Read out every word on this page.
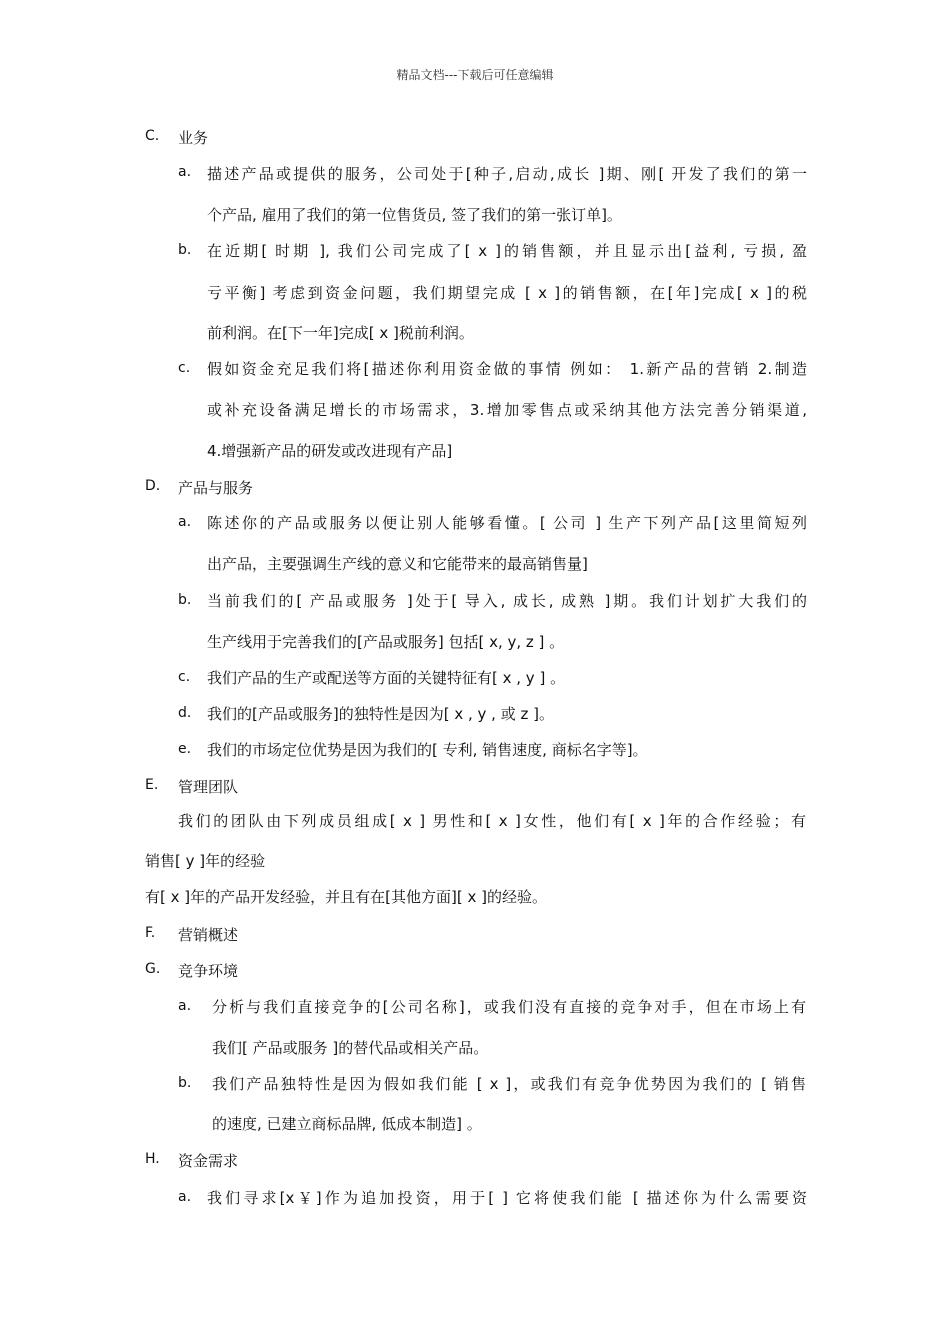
精品文档---下载后可任意编辑
C. 业务
a. 描述产品或提供的服务，公司处于[种子,启动,成长 ]期、刚[ 开发了我们的第一
个产品, 雇用了我们的第一位售货员, 签了我们的第一张订单]。
b. 在近期[ 时期 ], 我们公司完成了[ x ]的销售额，并且显示出[益利, 亏损, 盈
亏平衡] 考虑到资金问题，我们期望完成 [ x ]的销售额，在[年]完成[ x ]的税
前利润。在[下一年]完成[ x ]税前利润。
c. 假如资金充足我们将[描述你利用资金做的事情 例如： 1.新产品的营销 2.制造
或补充设备满足增长的市场需求，3.增加零售点或采纳其他方法完善分销渠道,
4.增强新产品的研发或改进现有产品]
D. 产品与服务
a. 陈述你的产品或服务以便让别人能够看懂。[ 公司 ] 生产下列产品[这里简短列
出产品，主要强调生产线的意义和它能带来的最高销售量]
b. 当前我们的[ 产品或服务 ]处于[ 导入, 成长, 成熟 ]期。我们计划扩大我们的
生产线用于完善我们的[产品或服务] 包括[ x, y, z ] 。
c. 我们产品的生产或配送等方面的关键特征有[ x , y ] 。
d. 我们的[产品或服务]的独特性是因为[ x , y , 或 z ]。
e. 我们的市场定位优势是因为我们的[ 专利, 销售速度, 商标名字等]。
E. 管理团队
我们的团队由下列成员组成[ x ] 男性和[ x ]女性，他们有[ x ]年的合作经验；有
销售[ y ]年的经验
有[ x ]年的产品开发经验，并且有在[其他方面][ x ]的经验。
F. 营销概述
G. 竞争环境
a. 分析与我们直接竞争的[公司名称]，或我们没有直接的竞争对手，但在市场上有
我们[ 产品或服务 ]的替代品或相关产品。
b. 我们产品独特性是因为假如我们能 [ x ]，或我们有竞争优势因为我们的 [ 销售
的速度, 已建立商标品牌, 低成本制造] 。
H. 资金需求
a. 我们寻求[x￥]作为追加投资，用于[ ] 它将使我们能 [ 描述你为什么需要资
